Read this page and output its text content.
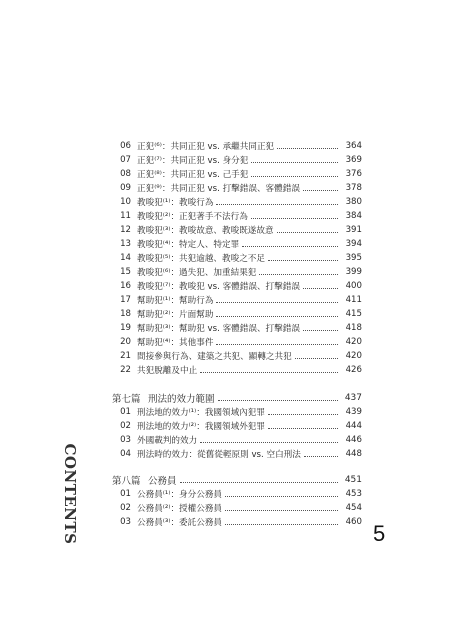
CONTENTS
06 正犯⁽⁶⁾：共同正犯 vs. 承繼共同正犯	364
07 正犯⁽⁷⁾：共同正犯 vs. 身分犯	369
08 正犯⁽⁸⁾：共同正犯 vs. 己手犯	376
09 正犯⁽⁹⁾：共同正犯 vs. 打擊錯誤、客體錯誤	378
10 教唆犯⁽¹⁾：教唆行為	380
11 教唆犯⁽²⁾：正犯著手不法行為	384
12 教唆犯⁽³⁾：教唆故意、教唆既遂故意	391
13 教唆犯⁽⁴⁾：特定人、特定罪	394
14 教唆犯⁽⁵⁾：共犯逾越、教唆之不足	395
15 教唆犯⁽⁶⁾：過失犯、加重結果犯	399
16 教唆犯⁽⁷⁾：教唆犯 vs. 客體錯誤、打擊錯誤	400
17 幫助犯⁽¹⁾：幫助行為	411
18 幫助犯⁽²⁾：片面幫助	415
19 幫助犯⁽³⁾：幫助犯 vs. 客體錯誤、打擊錯誤	418
20 幫助犯⁽⁴⁾：其他事件	420
21 間接參與行為、建築之共犯、顯轉之共犯	420
22 共犯脫離及中止	426
第七篇 刑法的效力範圍	437
01 刑法地的效力⁽¹⁾：我國領域內犯罪	439
02 刑法地的效力⁽²⁾：我國領域外犯罪	444
03 外國載判的效力	446
04 刑法時的效力：從舊從輕原則 vs. 空白刑法	448
第八篇 公務員	451
01 公務員⁽¹⁾：身分公務員	453
02 公務員⁽²⁾：授權公務員	454
03 公務員⁽³⁾：委託公務員	460 5
